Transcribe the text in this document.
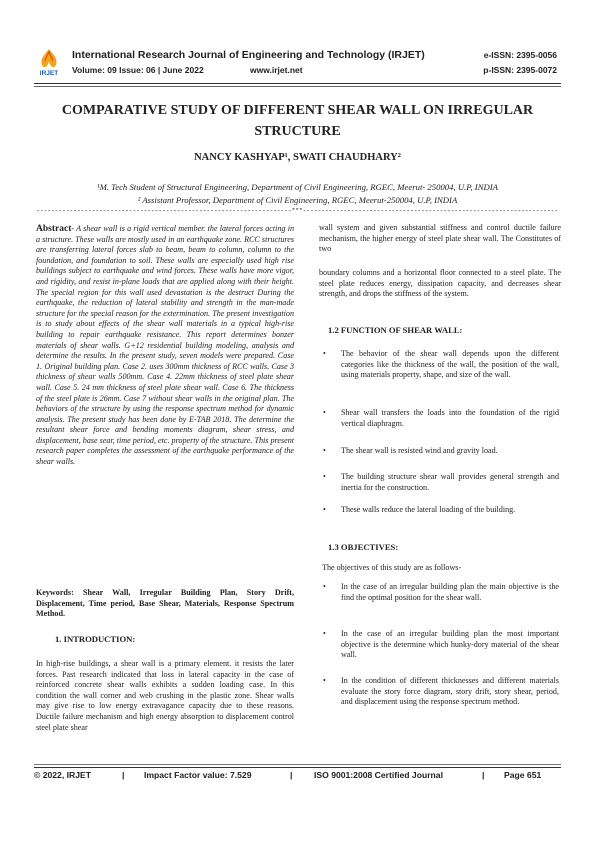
IRJET
International Research Journal of Engineering and Technology (IRJET)
Volume: 09 Issue: 06 | June 2022	www.irjet.net
e-ISSN: 2395-0056
p-ISSN: 2395-0072
COMPARATIVE STUDY OF DIFFERENT SHEAR WALL ON IRREGULAR STRUCTURE
NANCY KASHYAP¹, SWATI CHAUDHARY²
¹M. Tech Student of Structural Engineering, Department of Civil Engineering, RGEC, Meerut- 250004, U.P, INDIA
² Assistant Professor, Department of Civil Engineering, RGEC, Meerut-250004, U.P, INDIA
---------------------------------------------------------------------***---------------------------------------------------------------------

Abstract- A shear wall is a rigid vertical member. the lateral forces acting in a structure. These walls are mostly used in an earthquake zone. RCC structures are transferring lateral forces slab to beam, beam to column, column to the foundation, and foundation to soil. These walls are especially used high rise buildings subject to earthquake and wind forces. These walls have more vigor, and rigidity, and resist in-plane loads that are applied along with their height. The special region for this wall used devastation is the destruct During the earthquake, the reduction of lateral stability and strength in the man-made structure for the special reason for the extermination. The present investigation is to study about effects of the shear wall materials in a typical high-rise building to repair earthquake resistance. This report determines bonzer materials of shear walls. G+12 residential building modeling, analysis and determine the results. In the present study, seven models were prepared. Case 1. Original building plan. Case 2. uses 300mm thickness of RCC walls. Case 3 thickness of shear walls 500mm. Case 4. 22mm thickness of steel plate shear wall. Case 5. 24 mm thickness of steel plate shear wall. Case 6. The thickness of the steel plate is 26mm. Case 7 without shear walls in the original plan. The behaviors of the structure by using the response spectrum method for dynamic analysis. The present study has been done by E-TAB 2018. The determine the resultant shear force and bending moments diagram, shear stress, and displacement, base sear, time period, etc. property of the structure. This present research paper completes the assessment of the earthquake performance of the shear walls.

Keywords: Shear Wall, Irregular Building Plan, Story Drift, Displacement, Time period, Base Shear, Materials, Response Spectrum Method.

1. INTRODUCTION:

In high-rise buildings, a shear wall is a primary element. it resists the later forces. Past research indicated that loss in lateral capacity in the case of reinforced concrete shear walls exhibits a sudden loading case. In this condition the wall corner and web crushing in the plastic zone. Shear walls may give rise to low energy extravagance capacity due to these reasons. Ductile failure mechanism and high energy absorption to displacement control steel plate shear

wall system and given substantial stiffness and control ductile failure mechanism, the higher energy of steel plate shear wall. The Constitutes of two

boundary columns and a horizontal floor connected to a steel plate. The steel plate reduces energy, dissipation capacity, and decreases shear strength, and drops the stiffness of the system.

1.2 FUNCTION OF SHEAR WALL:
• The behavior of the shear wall depends upon the different categories like the thickness of the wall, the position of the wall, using materials property, shape, and size of the wall.

• Shear wall transfers the loads into the foundation of the rigid vertical diaphragm.

• The shear wall is resisted wind and gravity load.

• The building structure shear wall provides general strength and inertia for the construction.

• These walls reduce the lateral loading of the building.

1.3 OBJECTIVES:
The objectives of this study are as follows-
• In the case of an irregular building plan the main objective is the find the optimal position for the shear wall.

• In the case of an irregular building plan the most important objective is the determine which hunky-dory material of the shear wall.

• In the condition of different thicknesses and different materials evaluate the story force diagram, story drift, story shear, period, and displacement using the response spectrum method.

© 2022, IRJET	| Impact Factor value: 7.529	|	ISO 9001:2008 Certified Journal	| Page 651
